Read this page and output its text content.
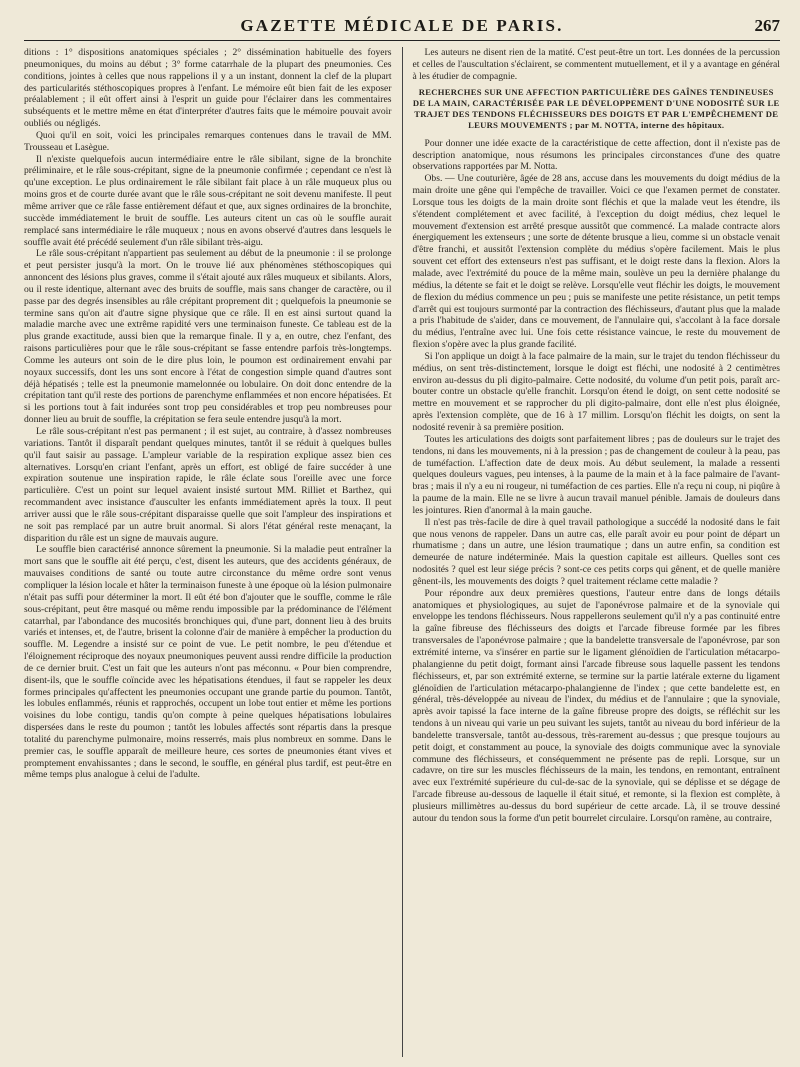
GAZETTE MÉDICALE DE PARIS.	267

ditions : 1° dispositions anatomiques spéciales ; 2° dissémination habituelle des foyers pneumoniques, du moins au début ; 3° forme catarrhale de la plupart des pneumonies. Ces conditions, jointes à celles que nous rappelions il y a un instant, donnent la clef de la plupart des particularités stéthoscopiques propres à l'enfant. Le mémoire eût bien fait de les exposer préalablement ; il eût offert ainsi à l'esprit un guide pour l'éclairer dans les commentaires subséquents et le mettre même en état d'interpréter d'autres faits que le mémoire pouvait avoir oubliés ou négligés.

Quoi qu'il en soit, voici les principales remarques contenues dans le travail de MM. Trousseau et Lasègue.

Il n'existe quelquefois aucun intermédiaire entre le râle sibilant, signe de la bronchite préliminaire, et le râle sous-crépitant, signe de la pneumonie confirmée ; cependant ce n'est là qu'une exception. Le plus ordinairement le râle sibilant fait place à un râle muqueux plus ou moins gros et de courte durée avant que le râle sous-crépitant ne soit devenu manifeste. Il peut même arriver que ce râle fasse entièrement défaut et que, aux signes ordinaires de la bronchite, succède immédiatement le bruit de souffle. Les auteurs citent un cas où le souffle aurait remplacé sans intermédiaire le râle muqueux ; nous en avons observé d'autres dans lesquels le souffle avait été précédé seulement d'un râle sibilant très-aigu.

Le râle sous-crépitant n'appartient pas seulement au début de la pneumonie : il se prolonge et peut persister jusqu'à la mort. On le trouve lié aux phénomènes stéthoscopiques qui annoncent des lésions plus graves, comme il s'était ajouté aux râles muqueux et sibilants. Alors, ou il reste identique, alternant avec des bruits de souffle, mais sans changer de caractère, ou il passe par des degrés insensibles au râle crépitant proprement dit ; quelquefois la pneumonie se termine sans qu'on ait d'autre signe physique que ce râle. Il en est ainsi surtout quand la maladie marche avec une extrême rapidité vers une terminaison funeste. Ce tableau est de la plus grande exactitude, aussi bien que la remarque finale. Il y a, en outre, chez l'enfant, des raisons particulières pour que le râle sous-crépitant se fasse entendre parfois très-longtemps. Comme les auteurs ont soin de le dire plus loin, le poumon est ordinairement envahi par noyaux successifs, dont les uns sont encore à l'état de congestion simple quand d'autres sont déjà hépatisés ; telle est la pneumonie mamelonnée ou lobulaire. On doit donc entendre de la crépitation tant qu'il reste des portions de parenchyme enflammées et non encore hépatisées. Et si les portions tout à fait indurées sont trop peu considérables et trop peu nombreuses pour donner lieu au bruit de souffle, la crépitation se fera seule entendre jusqu'à la mort.

Le râle sous-crépitant n'est pas permanent ; il est sujet, au contraire, à d'assez nombreuses variations. Tantôt il disparaît pendant quelques minutes, tantôt il se réduit à quelques bulles qu'il faut saisir au passage. L'ampleur variable de la respiration explique assez bien ces alternatives. Lorsqu'en criant l'enfant, après un effort, est obligé de faire succéder à une expiration soutenue une inspiration rapide, le râle éclate sous l'oreille avec une force particulière. C'est un point sur lequel avaient insisté surtout MM. Rilliet et Barthez, qui recommandent avec insistance d'ausculter les enfants immédiatement après la toux. Il peut arriver aussi que le râle sous-crépitant disparaisse quelle que soit l'ampleur des inspirations et ne soit pas remplacé par un autre bruit anormal. Si alors l'état général reste menaçant, la disparition du râle est un signe de mauvais augure.

Le souffle bien caractérisé annonce sûrement la pneumonie. Si la maladie peut entraîner la mort sans que le souffle ait été perçu, c'est, disent les auteurs, que des accidents généraux, de mauvaises conditions de santé ou toute autre circonstance du même ordre sont venus compliquer la lésion locale et hâter la terminaison funeste à une époque où la lésion pulmonaire n'était pas suffi pour déterminer la mort. Il eût été bon d'ajouter que le souffle, comme le râle sous-crépitant, peut être masqué ou même rendu impossible par la prédominance de l'élément catarrhal, par l'abondance des mucosités bronchiques qui, d'une part, donnent lieu à des bruits variés et intenses, et, de l'autre, brisent la colonne d'air de manière à empêcher la production du souffle. M. Legendre a insisté sur ce point de vue. Le petit nombre, le peu d'étendue et l'éloignement réciproque des noyaux pneumoniques peuvent aussi rendre difficile la production de ce dernier bruit. C'est un fait que les auteurs n'ont pas méconnu. « Pour bien comprendre, disent-ils, que le souffle coïncide avec les hépatisations étendues, il faut se rappeler les deux formes principales qu'affectent les pneumonies occupant une grande partie du poumon. Tantôt, les lobules enflammés, réunis et rapprochés, occupent un lobe tout entier et même les portions voisines du lobe contigu, tandis qu'on compte à peine quelques hépatisations lobulaires dispersées dans le reste du poumon ; tantôt les lobules affectés sont répartis dans la presque totalité du parenchyme pulmonaire, moins resserrés, mais plus nombreux en somme. Dans le premier cas, le souffle apparaît de meilleure heure, ces sortes de pneumonies étant vives et promptement envahissantes ; dans le second, le souffle, en général plus tardif, est peut-être en même temps plus analogue à celui de l'adulte.

Les auteurs ne disent rien de la matité. C'est peut-être un tort. Les données de la percussion et celles de l'auscultation s'éclairent, se commentent mutuellement, et il y a avantage en général à les étudier de compagnie.

RECHERCHES SUR UNE AFFECTION PARTICULIÈRE DES GAÎNES TENDINEUSES DE LA MAIN, CARACTÉRISÉE PAR LE DÉVELOPPEMENT D'UNE NODOSITÉ SUR LE TRAJET DES TENDONS FLÉCHISSEURS DES DOIGTS ET PAR L'EMPÊCHEMENT DE LEURS MOUVEMENTS ; par M. NOTTA, interne des hôpitaux.

Pour donner une idée exacte de la caractéristique de cette affection, dont il n'existe pas de description anatomique, nous résumons les principales circonstances d'une des quatre observations rapportées par M. Notta.

Obs. — Une couturière, âgée de 28 ans, accuse dans les mouvements du doigt médius de la main droite une gêne qui l'empêche de travailler. Voici ce que l'examen permet de constater. Lorsque tous les doigts de la main droite sont fléchis et que la malade veut les étendre, ils s'étendent complétement et avec facilité, à l'exception du doigt médius, chez lequel le mouvement d'extension est arrêté presque aussitôt que commencé. La malade contracte alors énergiquement les extenseurs ; une sorte de détente brusque a lieu, comme si un obstacle venait d'être franchi, et aussitôt l'extension complète du médius s'opère facilement. Mais le plus souvent cet effort des extenseurs n'est pas suffisant, et le doigt reste dans la flexion. Alors la malade, avec l'extrémité du pouce de la même main, soulève un peu la dernière phalange du médius, la détente se fait et le doigt se relève. Lorsqu'elle veut fléchir les doigts, le mouvement de flexion du médius commence un peu ; puis se manifeste une petite résistance, un petit temps d'arrêt qui est toujours surmonté par la contraction des fléchisseurs, d'autant plus que la malade a pris l'habitude de s'aider, dans ce mouvement, de l'annulaire qui, s'accolant à la face dorsale du médius, l'entraîne avec lui. Une fois cette résistance vaincue, le reste du mouvement de flexion s'opère avec la plus grande facilité.

Si l'on applique un doigt à la face palmaire de la main, sur le trajet du tendon fléchisseur du médius, on sent très-distinctement, lorsque le doigt est fléchi, une nodosité à 2 centimètres environ au-dessus du pli digito-palmaire. Cette nodosité, du volume d'un petit pois, paraît arc-bouter contre un obstacle qu'elle franchit. Lorsqu'on étend le doigt, on sent cette nodosité se mettre en mouvement et se rapprocher du pli digito-palmaire, dont elle n'est plus éloignée, après l'extension complète, que de 16 à 17 millim. Lorsqu'on fléchit les doigts, on sent la nodosité revenir à sa première position.

Toutes les articulations des doigts sont parfaitement libres ; pas de douleurs sur le trajet des tendons, ni dans les mouvements, ni à la pression ; pas de changement de couleur à la peau, pas de tuméfaction. L'affection date de deux mois. Au début seulement, la malade a ressenti quelques douleurs vagues, peu intenses, à la paume de la main et à la face palmaire de l'avant-bras ; mais il n'y a eu ni rougeur, ni tuméfaction de ces parties. Elle n'a reçu ni coup, ni piqûre à la paume de la main. Elle ne se livre à aucun travail manuel pénible. Jamais de douleurs dans les jointures. Rien d'anormal à la main gauche.

Il n'est pas très-facile de dire à quel travail pathologique a succédé la nodosité dans le fait que nous venons de rappeler. Dans un autre cas, elle paraît avoir eu pour point de départ un rhumatisme ; dans un autre, une lésion traumatique ; dans un autre enfin, sa condition est demeurée de nature indéterminée. Mais la question capitale est ailleurs. Quelles sont ces nodosités ? quel est leur siége précis ? sont-ce ces petits corps qui gênent, et de quelle manière gênent-ils, les mouvements des doigts ? quel traitement réclame cette maladie ?

Pour répondre aux deux premières questions, l'auteur entre dans de longs détails anatomiques et physiologiques, au sujet de l'aponévrose palmaire et de la synoviale qui enveloppe les tendons fléchisseurs. Nous rappellerons seulement qu'il n'y a pas continuité entre la gaîne fibreuse des fléchisseurs des doigts et l'arcade fibreuse formée par les fibres transversales de l'aponévrose palmaire ; que la bandelette transversale de l'aponévrose, par son extrémité interne, va s'insérer en partie sur le ligament glénoïdien de l'articulation métacarpo-phalangienne du petit doigt, formant ainsi l'arcade fibreuse sous laquelle passent les tendons fléchisseurs, et, par son extrémité externe, se termine sur la partie latérale externe du ligament glénoïdien de l'articulation métacarpo-phalangienne de l'index ; que cette bandelette est, en général, très-développée au niveau de l'index, du médius et de l'annulaire ; que la synoviale, après avoir tapissé la face interne de la gaîne fibreuse propre des doigts, se réfléchit sur les tendons à un niveau qui varie un peu suivant les sujets, tantôt au niveau du bord inférieur de la bandelette transversale, tantôt au-dessous, très-rarement au-dessus ; que presque toujours au petit doigt, et constamment au pouce, la synoviale des doigts communique avec la synoviale commune des fléchisseurs, et conséquemment ne présente pas de repli. Lorsque, sur un cadavre, on tire sur les muscles fléchisseurs de la main, les tendons, en remontant, entraînent avec eux l'extrémité supérieure du cul-de-sac de la synoviale, qui se déplisse et se dégage de l'arcade fibreuse au-dessous de laquelle il était situé, et remonte, si la flexion est complète, à plusieurs millimètres au-dessus du bord supérieur de cette arcade. Là, il se trouve dessiné autour du tendon sous la forme d'un petit bourrelet circulaire. Lorsqu'on ramène, au contraire,
